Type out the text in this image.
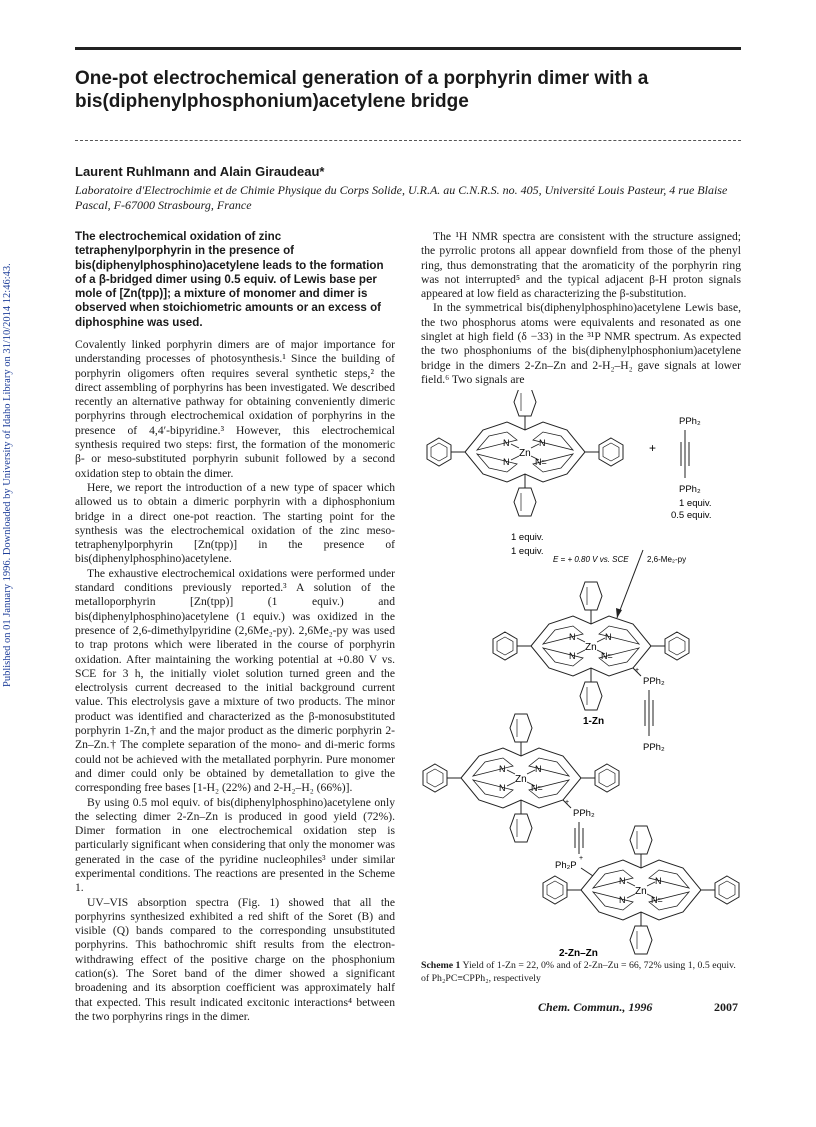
Published on 01 January 1996. Downloaded by University of Idaho Library on 31/10/2014 12:46:43.
One-pot electrochemical generation of a porphyrin dimer with a bis(diphenylphosphonium)acetylene bridge
Laurent Ruhlmann and Alain Giraudeau*
Laboratoire d'Electrochimie et de Chimie Physique du Corps Solide, U.R.A. au C.N.R.S. no. 405, Université Louis Pasteur, 4 rue Blaise Pascal, F-67000 Strasbourg, France
The electrochemical oxidation of zinc tetraphenylporphyrin in the presence of bis(diphenylphosphino)acetylene leads to the formation of a β-bridged dimer using 0.5 equiv. of Lewis base per mole of [Zn(tpp)]; a mixture of monomer and dimer is observed when stoichiometric amounts or an excess of diphosphine was used.

Covalently linked porphyrin dimers are of major importance for understanding processes of photosynthesis.¹ Since the building of porphyrin oligomers often requires several synthetic steps,² the direct assembling of porphyrins has been investigated. We described recently an alternative pathway for obtaining conveniently dimeric porphyrins through electrochemical oxidation of porphyrins in the presence of 4,4′-bipyridine.³ However, this electrochemical synthesis required two steps: first, the formation of the monomeric β- or meso-substituted porphyrin subunit followed by a second oxidation step to obtain the dimer.

Here, we report the introduction of a new type of spacer which allowed us to obtain a dimeric porphyrin with a diphosphonium bridge in a direct one-pot reaction. The starting point for the synthesis was the electrochemical oxidation of the zinc meso-tetraphenylporphyrin [Zn(tpp)] in the presence of bis(diphenylphosphino)acetylene.

The exhaustive electrochemical oxidations were performed under standard conditions previously reported.³ A solution of the metalloporphyrin [Zn(tpp)] (1 equiv.) and bis(diphenylphosphino)acetylene (1 equiv.) was oxidized in the presence of 2,6-dimethylpyridine (2,6Me₂-py). 2,6Me₂-py was used to trap protons which were liberated in the course of porphyrin oxidation. After maintaining the working potential at +0.80 V vs. SCE for 3 h, the initially violet solution turned green and the electrolysis current decreased to the initial background current value. This electrolysis gave a mixture of two products. The minor product was identified and characterized as the β-monosubstituted porphyrin 1-Zn,† and the major product as the dimeric porphyrin 2-Zn–Zn.† The complete separation of the mono- and di-meric forms could not be achieved with the metallated porphyrin. Pure monomer and dimer could only be obtained by demetallation to give the corresponding free bases [1-H₂ (22%) and 2-H₂–H₂ (66%)].

By using 0.5 mol equiv. of bis(diphenylphosphino)acetylene only the selecting dimer 2-Zn–Zn is produced in good yield (72%). Dimer formation in one electrochemical oxidation step is particularly significant when considering that only the monomer was generated in the case of the pyridine nucleophiles³ under similar experimental conditions. The reactions are presented in the Scheme 1.

UV–VIS absorption spectra (Fig. 1) showed that all the porphyrins synthesized exhibited a red shift of the Soret (B) and visible (Q) bands compared to the corresponding unsubstituted porphyrins. This bathochromic shift results from the electron-withdrawing effect of the positive charge on the phosphonium cation(s). The Soret band of the dimer showed a significant broadening and its absorption coefficient was approximately half that expected. This result indicated excitonic interactions⁴ between the two porphyrins rings in the dimer.

The ¹H NMR spectra are consistent with the structure assigned; the pyrrolic protons all appear downfield from those of the phenyl ring, thus demonstrating that the aromaticity of the porphyrin ring was not interrupted⁵ and the typical adjacent β-H proton signals appeared at low field as characterizing the β-substitution.

In the symmetrical bis(diphenylphosphino)acetylene Lewis base, the two phosphorus atoms were equivalents and resonated as one singlet at high field (δ −33) in the ³¹P NMR spectrum. As expected the two phosphoniums of the bis(diphenylphosphonium)acetylene bridge in the dimers 2-Zn–Zn and 2-H₂–H₂ gave signals at lower field.⁶ Two signals are

Zn
N	N
N	N=
1 equiv.
1 equiv.
+
PPh₂
PPh₂
1 equiv.
0.5 equiv.
E = + 0.80 V vs. SCE 2,6-Me₂-py
Zn
N	N
N	N=
+
PPh₂
PPh₂
1-Zn
Zn
N	N
N	N=
+
PPh₂
Ph₂P
+
Zn
N	N
N	N=
2-Zn–Zn
Scheme 1 Yield of 1-Zn = 22, 0% and of 2-Zn–Zu = 66, 72% using 1, 0.5 equiv. of Ph₂PC≡CPPh₂, respectively
Chem. Commun., 1996	2007
